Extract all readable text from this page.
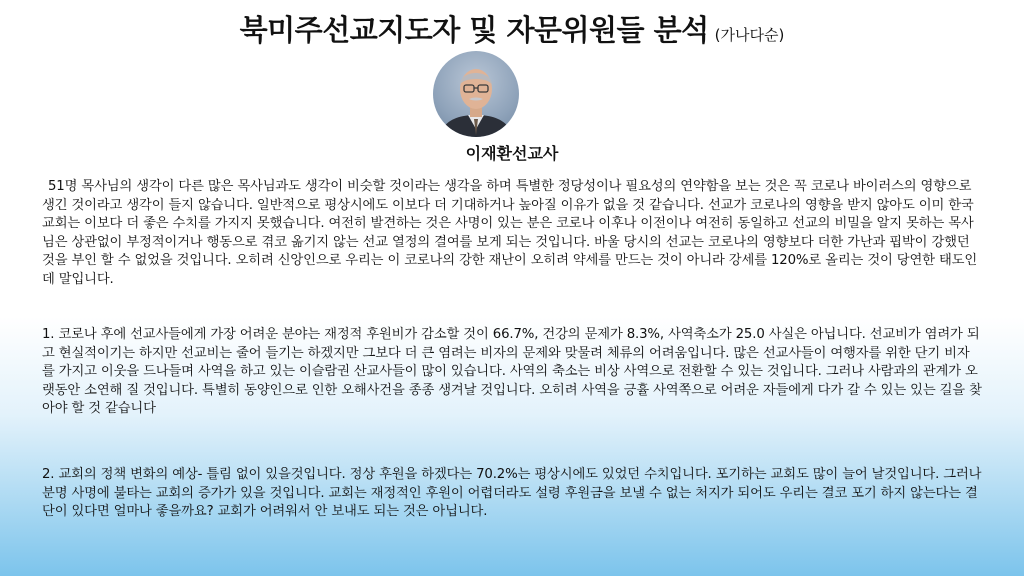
북미주선교지도자 및 자문위원들 분석 (가나다순)
이재환선교사
51명 목사님의 생각이 다른 많은 목사님과도 생각이 비슷할 것이라는 생각을 하며 특별한 정당성이나 필요성의 연약함을 보는 것은 꼭 코로나 바이러스의 영향으로 생긴 것이라고 생각이 들지 않습니다. 일반적으로 평상시에도 이보다 더 기대하거나 높아질 이유가 없을 것 같습니다. 선교가 코로나의 영향을 받지 않아도 이미 한국 교회는 이보다 더 좋은 수치를 가지지 못했습니다. 여전히 발견하는 것은 사명이 있는 분은 코로나 이후나 이전이나 여전히 동일하고 선교의 비밀을 알지 못하는 목사님은 상관없이 부정적이거나 행동으로 겪코 옮기지 않는 선교 열정의 결여를 보게 되는 것입니다. 바울 당시의 선교는 코로나의 영향보다 더한 가난과 핍박이 강했던 것을 부인 할 수 없었을 것입니다. 오히려 신앙인으로 우리는 이 코로나의 강한 재난이 오히려 약세를 만드는 것이 아니라 강세를 120%로 올리는 것이 당연한 태도인데 말입니다.
1. 코로나 후에 선교사들에게 가장 어려운 분야는 재정적 후원비가 감소할 것이 66.7%, 건강의 문제가 8.3%, 사역축소가 25.0 사실은 아닙니다. 선교비가 염려가 되고 현실적이기는 하지만 선교비는 줄어 들기는 하겠지만 그보다 더 큰 염려는 비자의 문제와 맞물려 체류의 어려움입니다. 많은 선교사들이 여행자를 위한 단기 비자를 가지고 이웃을 드나들며 사역을 하고 있는 이슬람권 산교사들이 많이 있습니다. 사역의 축소는 비상 사역으로 전환할 수 있는 것입니다. 그러나 사람과의 관계가 오랫동안 소연해 질 것입니다. 특별히 동양인으로 인한 오해사건을 종종 생겨날 것입니다. 오히려 사역을 긍휼 사역쪽으로 어려운 자들에게 다가 갈 수 있는 있는 길을 찾아야 할 것 같습니다
2. 교회의 정책 변화의 예상- 틀림 없이 있을것입니다. 정상 후원을 하겠다는 70.2%는 평상시에도 있었던 수치입니다. 포기하는 교회도 많이 늘어 날것입니다. 그러나 분명 사명에 불타는 교회의 증가가 있을 것입니다. 교회는 재정적인 후원이 어렵더라도 설령 후원금을 보낼 수 없는 처지가 되어도 우리는 결코 포기 하지 않는다는 결단이 있다면 얼마나 좋을까요? 교회가 어려워서 안 보내도 되는 것은 아닙니다.
